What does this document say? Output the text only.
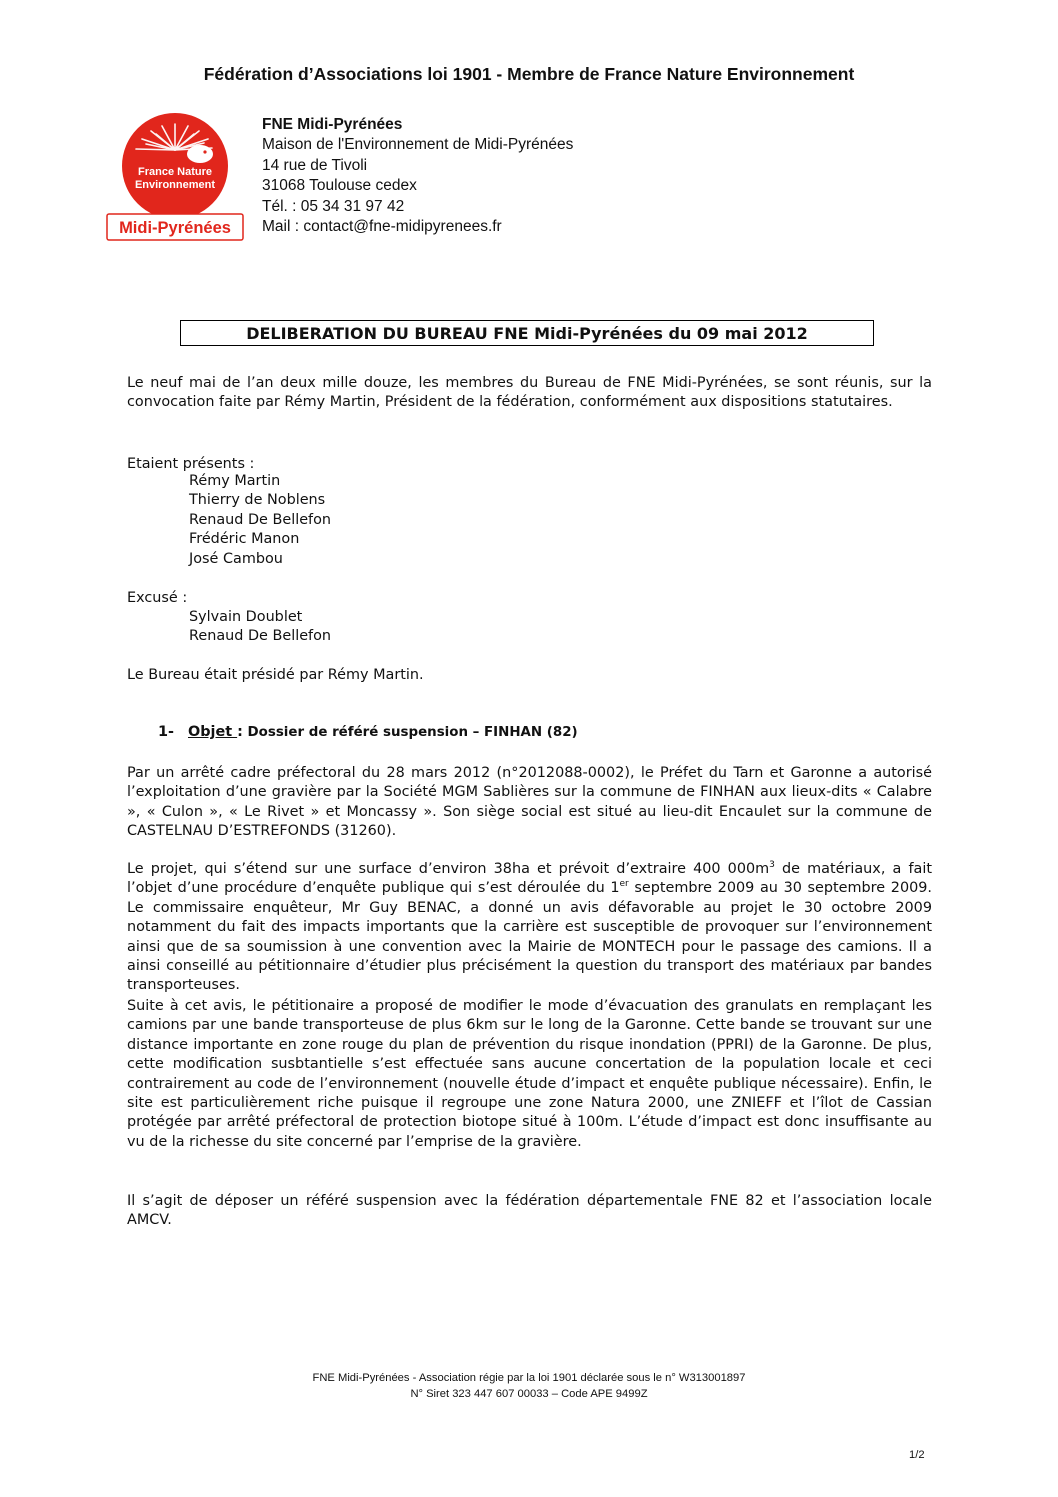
Fédération d’Associations loi 1901 - Membre de France Nature Environnement
France Nature
Environnement
Midi-Pyrénées
FNE Midi-Pyrénées
Maison de l'Environnement de Midi-Pyrénées
14 rue de Tivoli
31068 Toulouse cedex
Tél. : 05 34 31 97 42
Mail : contact@fne-midipyrenees.fr
DELIBERATION DU BUREAU FNE Midi-Pyrénées du 09 mai 2012
Le neuf mai de l’an deux mille douze, les membres du Bureau de FNE Midi-Pyrénées, se sont réunis, sur la convocation faite par Rémy Martin, Président de la fédération, conformément aux dispositions statutaires.
Etaient présents :
Rémy Martin
Thierry de Noblens
Renaud De Bellefon
Frédéric Manon
José Cambou
Excusé :
Sylvain Doublet
Renaud De Bellefon
Le Bureau était présidé par Rémy Martin.
1- Objet : Dossier de référé suspension – FINHAN (82)
Par un arrêté cadre préfectoral du 28 mars 2012 (n°2012088-0002), le Préfet du Tarn et Garonne a autorisé l’exploitation d’une gravière par la Société MGM Sablières sur la commune de FINHAN aux lieux-dits « Calabre », « Culon », « Le Rivet » et Moncassy ». Son siège social est situé au lieu-dit Encaulet sur la commune de CASTELNAU D’ESTREFONDS (31260).
Le projet, qui s’étend sur une surface d’environ 38ha et prévoit d’extraire 400 $000m^3$ de matériaux, a fait l’objet d’une procédure d’enquête publique qui s’est déroulée du 1er septembre 2009 au 30 septembre 2009. Le commissaire enquêteur, Mr Guy BENAC, a donné un avis défavorable au projet le 30 octobre 2009 notamment du fait des impacts importants que la carrière est susceptible de provoquer sur l’environnement ainsi que de sa soumission à une convention avec la Mairie de MONTECH pour le passage des camions. Il a ainsi conseillé au pétitionnaire d’étudier plus précisément la question du transport des matériaux par bandes transporteuses.
Suite à cet avis, le pétitionaire a proposé de modifier le mode d’évacuation des granulats en remplaçant les camions par une bande transporteuse de plus 6km sur le long de la Garonne. Cette bande se trouvant sur une distance importante en zone rouge du plan de prévention du risque inondation (PPRI) de la Garonne. De plus, cette modification susbtantielle s’est effectuée sans aucune concertation de la population locale et ceci contrairement au code de l’environnement (nouvelle étude d’impact et enquête publique nécessaire). Enfin, le site est particulièrement riche puisque il regroupe une zone Natura 2000, une ZNIEFF et l’îlot de Cassian protégée par arrêté préfectoral de protection biotope situé à 100m. L’étude d’impact est donc insuffisante au vu de la richesse du site concerné par l’emprise de la gravière.
Il s’agit de déposer un référé suspension avec la fédération départementale FNE 82 et l’association locale AMCV.
FNE Midi-Pyrénées - Association régie par la loi 1901 déclarée sous le n° W313001897
N° Siret 323 447 607 00033 – Code APE 9499Z
1/2
